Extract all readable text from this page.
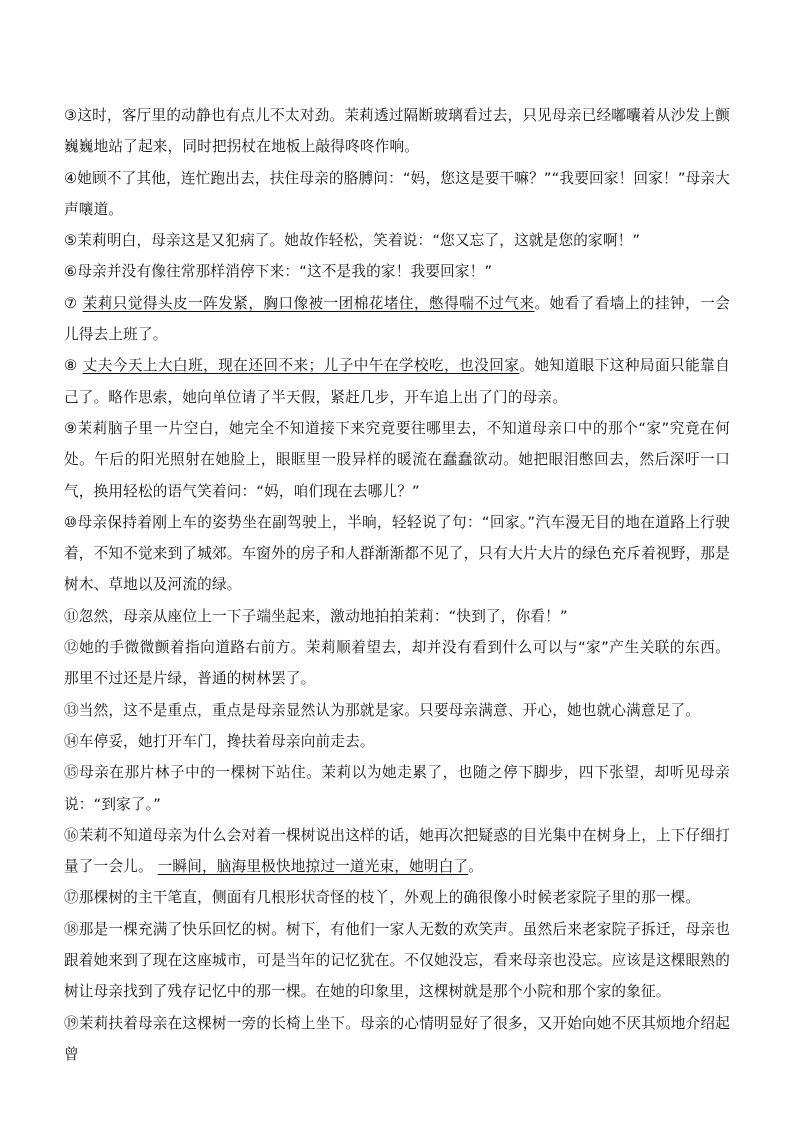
③这时，客厅里的动静也有点儿不太对劲。茉莉透过隔断玻璃看过去，只见母亲已经嘟囔着从沙发上颤巍巍地站了起来，同时把拐杖在地板上敲得咚咚作响。

④她顾不了其他，连忙跑出去，扶住母亲的胳膊问：“妈，您这是要干嘛？”“我要回家！回家！”母亲大声嚷道。

⑤茉莉明白，母亲这是又犯病了。她故作轻松，笑着说：“您又忘了，这就是您的家啊！”

⑥母亲并没有像往常那样消停下来：“这不是我的家！我要回家！”

⑦ 茉莉只觉得头皮一阵发紧，胸口像被一团棉花堵住，憋得喘不过气来。她看了看墙上的挂钟，一会儿得去上班了。

⑧ 丈夫今天上大白班，现在还回不来；儿子中午在学校吃，也没回家。她知道眼下这种局面只能靠自己了。略作思索，她向单位请了半天假，紧赶几步，开车追上出了门的母亲。

⑨茉莉脑子里一片空白，她完全不知道接下来究竟要往哪里去，不知道母亲口中的那个“家”究竟在何处。午后的阳光照射在她脸上，眼眶里一股异样的暖流在蠢蠢欲动。她把眼泪憋回去，然后深吁一口气，换用轻松的语气笑着问：“妈，咱们现在去哪儿？”

⑩母亲保持着刚上车的姿势坐在副驾驶上，半晌，轻轻说了句：“回家。”汽车漫无目的地在道路上行驶着，不知不觉来到了城郊。车窗外的房子和人群渐渐都不见了，只有大片大片的绿色充斥着视野，那是树木、草地以及河流的绿。

⑪忽然，母亲从座位上一下子端坐起来，激动地拍拍茉莉：“快到了，你看！”

⑫她的手微微颤着指向道路右前方。茉莉顺着望去，却并没有看到什么可以与“家”产生关联的东西。那里不过还是片绿，普通的树林罢了。

⑬当然，这不是重点，重点是母亲显然认为那就是家。只要母亲满意、开心，她也就心满意足了。

⑭车停妥，她打开车门，搀扶着母亲向前走去。

⑮母亲在那片林子中的一棵树下站住。茉莉以为她走累了，也随之停下脚步，四下张望，却听见母亲说：“到家了。”

⑯茉莉不知道母亲为什么会对着一棵树说出这样的话，她再次把疑惑的目光集中在树身上，上下仔细打量了一会儿。 一瞬间，脑海里极快地掠过一道光束，她明白了。

⑰那棵树的主干笔直，侧面有几根形状奇怪的枝丫，外观上的确很像小时候老家院子里的那一棵。

⑱那是一棵充满了快乐回忆的树。树下，有他们一家人无数的欢笑声。虽然后来老家院子拆迁，母亲也跟着她来到了现在这座城市，可是当年的记忆犹在。不仅她没忘，看来母亲也没忘。应该是这棵眼熟的树让母亲找到了残存记忆中的那一棵。在她的印象里，这棵树就是那个小院和那个家的象征。

⑲茉莉扶着母亲在这棵树一旁的长椅上坐下。母亲的心情明显好了很多，又开始向她不厌其烦地介绍起曾
